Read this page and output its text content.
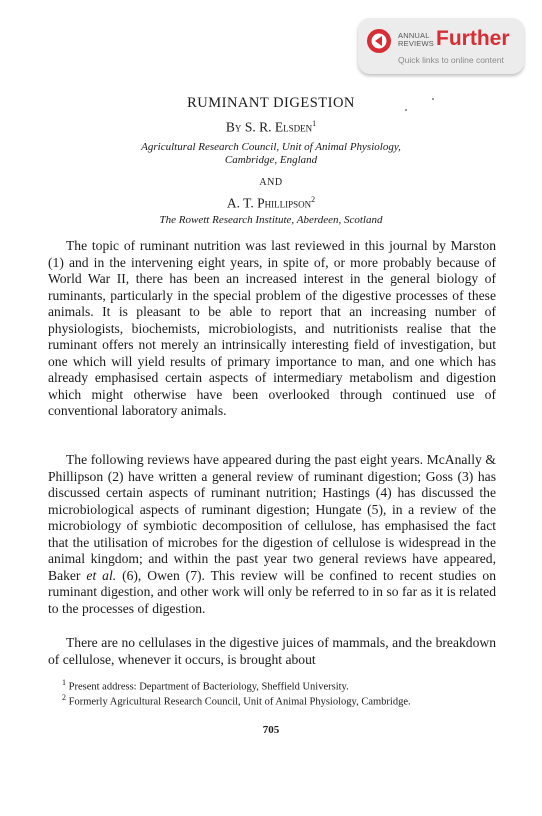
ANNUAL
REVIEWS Further
Quick links to online content
RUMINANT DIGESTION
By S. R. Elsden$^1$
Agricultural Research Council, Unit of Animal Physiology,
Cambridge, England
AND
A. T. Phillipson$^2$
The Rowett Research Institute, Aberdeen, Scotland

The topic of ruminant nutrition was last reviewed in this journal by Marston (1) and in the intervening eight years, in spite of, or more probably because of World War II, there has been an increased interest in the general biology of ruminants, particularly in the special problem of the digestive processes of these animals. It is pleasant to be able to report that an increasing number of physiologists, biochemists, microbiologists, and nutritionists realise that the ruminant offers not merely an intrinsically interesting field of investigation, but one which will yield results of primary importance to man, and one which has already emphasised certain aspects of intermediary metabolism and digestion which might otherwise have been overlooked through continued use of conventional laboratory animals.

The following reviews have appeared during the past eight years. McAnally & Phillipson (2) have written a general review of ruminant digestion; Goss (3) has discussed certain aspects of ruminant nutrition; Hastings (4) has discussed the microbiological aspects of ruminant digestion; Hungate (5), in a review of the microbiology of symbiotic decomposition of cellulose, has emphasised the fact that the utilisation of microbes for the digestion of cellulose is widespread in the animal kingdom; and within the past year two general reviews have appeared, Baker et al. (6), Owen (7). This review will be confined to recent studies on ruminant digestion, and other work will only be referred to in so far as it is related to the processes of digestion.

There are no cellulases in the digestive juices of mammals, and the breakdown of cellulose, whenever it occurs, is brought about

$^1$ Present address: Department of Bacteriology, Sheffield University.

$^2$ Formerly Agricultural Research Council, Unit of Animal Physiology, Cambridge.

705
